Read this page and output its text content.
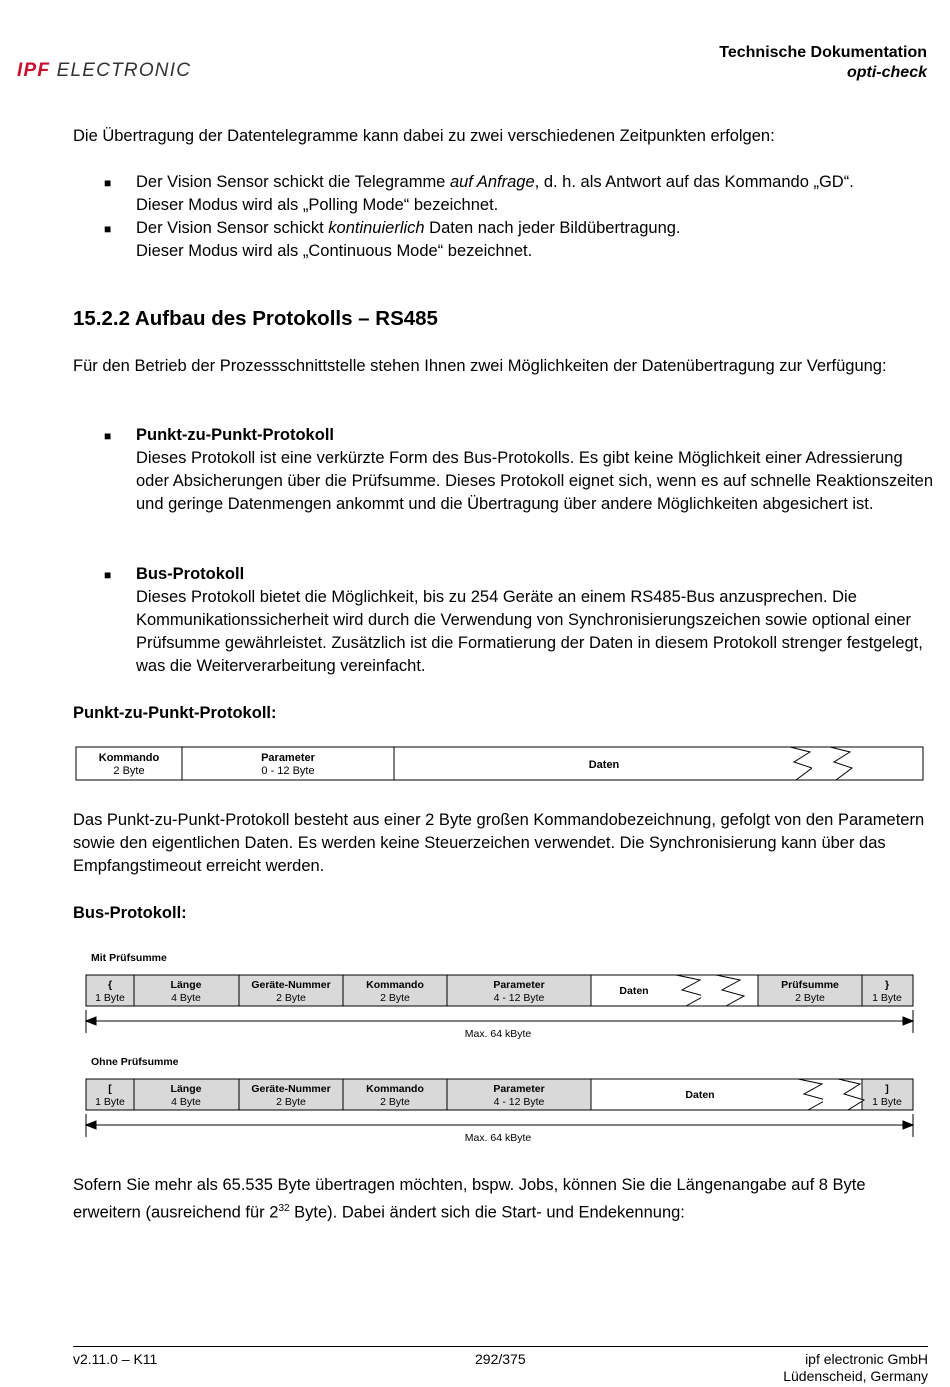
IPF ELECTRONIC
Technische Dokumentation
opti-check
Die Übertragung der Datentelegramme kann dabei zu zwei verschiedenen Zeitpunkten erfolgen:
■ Der Vision Sensor schickt die Telegramme auf Anfrage, d. h. als Antwort auf das Kommando „GD“.
Dieser Modus wird als „Polling Mode“ bezeichnet.
■ Der Vision Sensor schickt kontinuierlich Daten nach jeder Bildübertragung.
Dieser Modus wird als „Continuous Mode“ bezeichnet.
15.2.2 Aufbau des Protokolls – RS485
Für den Betrieb der Prozessschnittstelle stehen Ihnen zwei Möglichkeiten der Datenübertragung zur Verfügung:
■ Punkt-zu-Punkt-Protokoll
Dieses Protokoll ist eine verkürzte Form des Bus-Protokolls. Es gibt keine Möglichkeit einer Adressierung oder Absicherungen über die Prüfsumme. Dieses Protokoll eignet sich, wenn es auf schnelle Reaktionszeiten und geringe Datenmengen ankommt und die Übertragung über andere Möglichkeiten abgesichert ist.
■ Bus-Protokoll
Dieses Protokoll bietet die Möglichkeit, bis zu 254 Geräte an einem RS485-Bus anzusprechen. Die Kommunikationssicherheit wird durch die Verwendung von Synchronisierungszeichen sowie optional einer Prüfsumme gewährleistet. Zusätzlich ist die Formatierung der Daten in diesem Protokoll strenger festgelegt, was die Weiterverarbeitung vereinfacht.
Punkt-zu-Punkt-Protokoll:
Kommando
2 Byte
Parameter
0 - 12 Byte	Daten
Das Punkt-zu-Punkt-Protokoll besteht aus einer 2 Byte großen Kommandobezeichnung, gefolgt von den Parametern sowie den eigentlichen Daten. Es werden keine Steuerzeichen verwendet. Die Synchronisierung kann über das Empfangstimeout erreicht werden.
Bus-Protokoll:
Mit Prüfsumme
{
1 Byte
Länge
4 Byte
Geräte-Nummer
2 Byte
Kommando
2 Byte
Parameter
4 - 12 Byte
Daten	Prüfsumme
2 Byte
}
1 Byte
Max. 64 kByte
Ohne Prüfsumme
[
1 Byte
Länge
4 Byte
Geräte-Nummer
2 Byte
Kommando
2 Byte
Parameter
4 - 12 Byte
Daten	]
1 Byte
Max. 64 kByte
Sofern Sie mehr als 65.535 Byte übertragen möchten, bspw. Jobs, können Sie die Längenangabe auf 8 Byte erweitern (ausreichend für $2^{32}$ Byte). Dabei ändert sich die Start- und Endekennung:
v2.11.0 – K11	292/375	ipf electronic GmbH
Lüdenscheid, Germany
